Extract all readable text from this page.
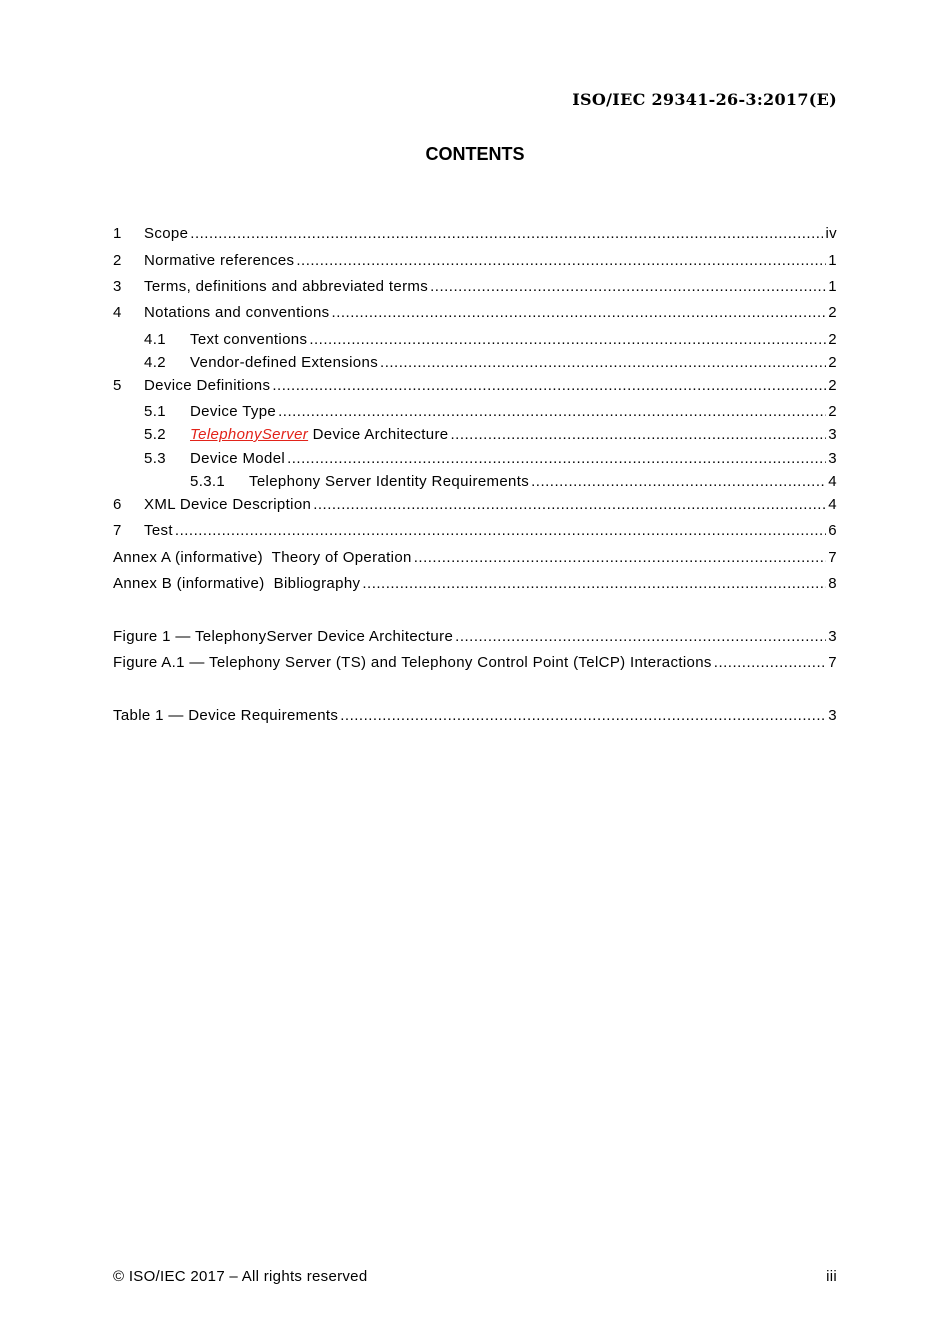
ISO/IEC 29341-26-3:2017(E)
CONTENTS
1	Scope .....	iv
2	Normative references .....	1
3	Terms, definitions and abbreviated terms .....	1
4	Notations and conventions .....	2
4.1	Text conventions .....	2
4.2	Vendor-defined Extensions .....	2
5	Device Definitions .....	2
5.1	Device Type .....	2
5.2	TelephonyServer Device Architecture .....	3
5.3	Device Model .....	3
5.3.1	Telephony Server Identity Requirements .....	4
6	XML Device Description .....	4
7	Test .....	6
Annex A (informative)  Theory of Operation .....	7
Annex B (informative)  Bibliography .....	8
Figure 1 — TelephonyServer Device Architecture .....	3
Figure A.1 — Telephony Server (TS) and Telephony Control Point (TelCP) Interactions .....	7
Table 1 — Device Requirements .....	3
© ISO/IEC 2017 – All rights reserved	iii
